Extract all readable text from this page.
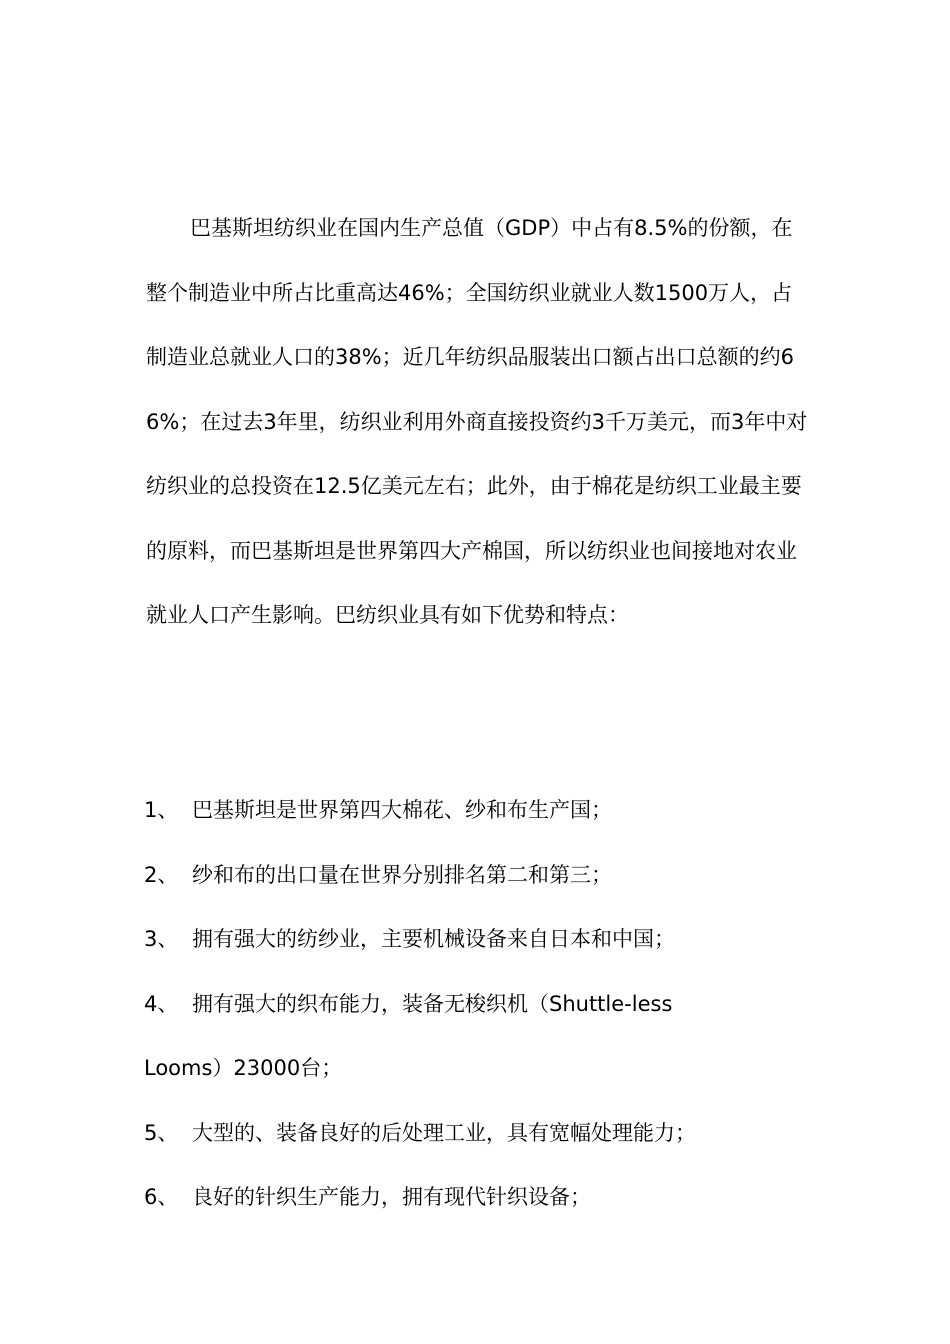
巴基斯坦纺织业在国内生产总值（GDP）中占有8.5%的份额，在整个制造业中所占比重高达46%；全国纺织业就业人数1500万人，占制造业总就业人口的38%；近几年纺织品服装出口额占出口总额的约66%；在过去3年里，纺织业利用外商直接投资约3千万美元，而3年中对纺织业的总投资在12.5亿美元左右；此外，由于棉花是纺织工业最主要的原料，而巴基斯坦是世界第四大产棉国，所以纺织业也间接地对农业就业人口产生影响。巴纺织业具有如下优势和特点：

1、 巴基斯坦是世界第四大棉花、纱和布生产国；
2、 纱和布的出口量在世界分别排名第二和第三；
3、 拥有强大的纺纱业，主要机械设备来自日本和中国；
4、 拥有强大的织布能力，装备无梭织机（Shuttle-less
Looms）23000台；
5、 大型的、装备良好的后处理工业，具有宽幅处理能力；
6、 良好的针织生产能力，拥有现代针织设备；
